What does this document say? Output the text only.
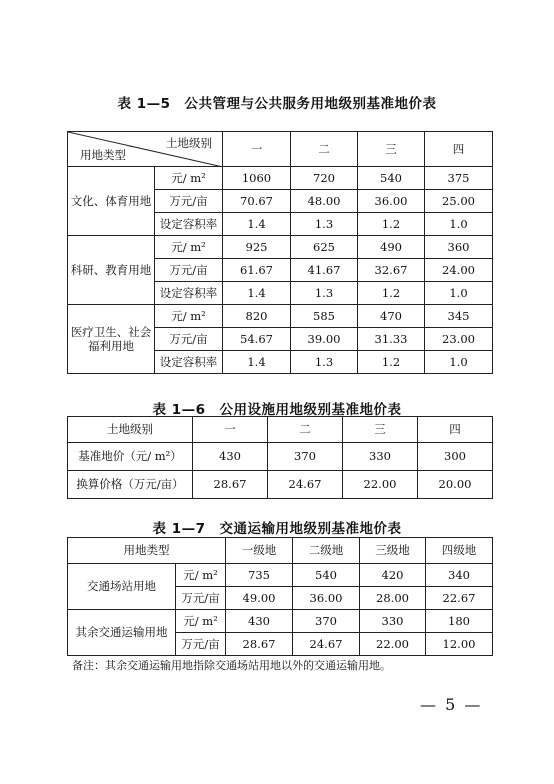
表 1—5　公共管理与公共服务用地级别基准地价表
土地级别
用地类型		一	二	三	四
文化、体育用地	元/ m²	1060	720	540	375
	万元/亩	70.67	48.00	36.00	25.00
	设定容积率	1.4	1.3	1.2	1.0
科研、教育用地	元/ m²	925	625	490	360
	万元/亩	61.67	41.67	32.67	24.00
	设定容积率	1.4	1.3	1.2	1.0
医疗卫生、社会
福利用地	元/ m²	820	585	470	345
	万元/亩	54.67	39.00	31.33	23.00
	设定容积率	1.4	1.3	1.2	1.0
表 1—6　公用设施用地级别基准地价表
土地级别	一	二	三	四
基准地价（元/ m²）	430	370	330	300
换算价格（万元/亩）	28.67	24.67	22.00	20.00
表 1—7　交通运输用地级别基准地价表
用地类型		一级地	二级地	三级地	四级地
交通场站用地	元/ m²	735	540	420	340
	万元/亩	49.00	36.00	28.00	22.67
其余交通运输用地	元/ m²	430	370	330	180
	万元/亩	28.67	24.67	22.00	12.00
备注：其余交通运输用地指除交通场站用地以外的交通运输用地。
— 5 —
